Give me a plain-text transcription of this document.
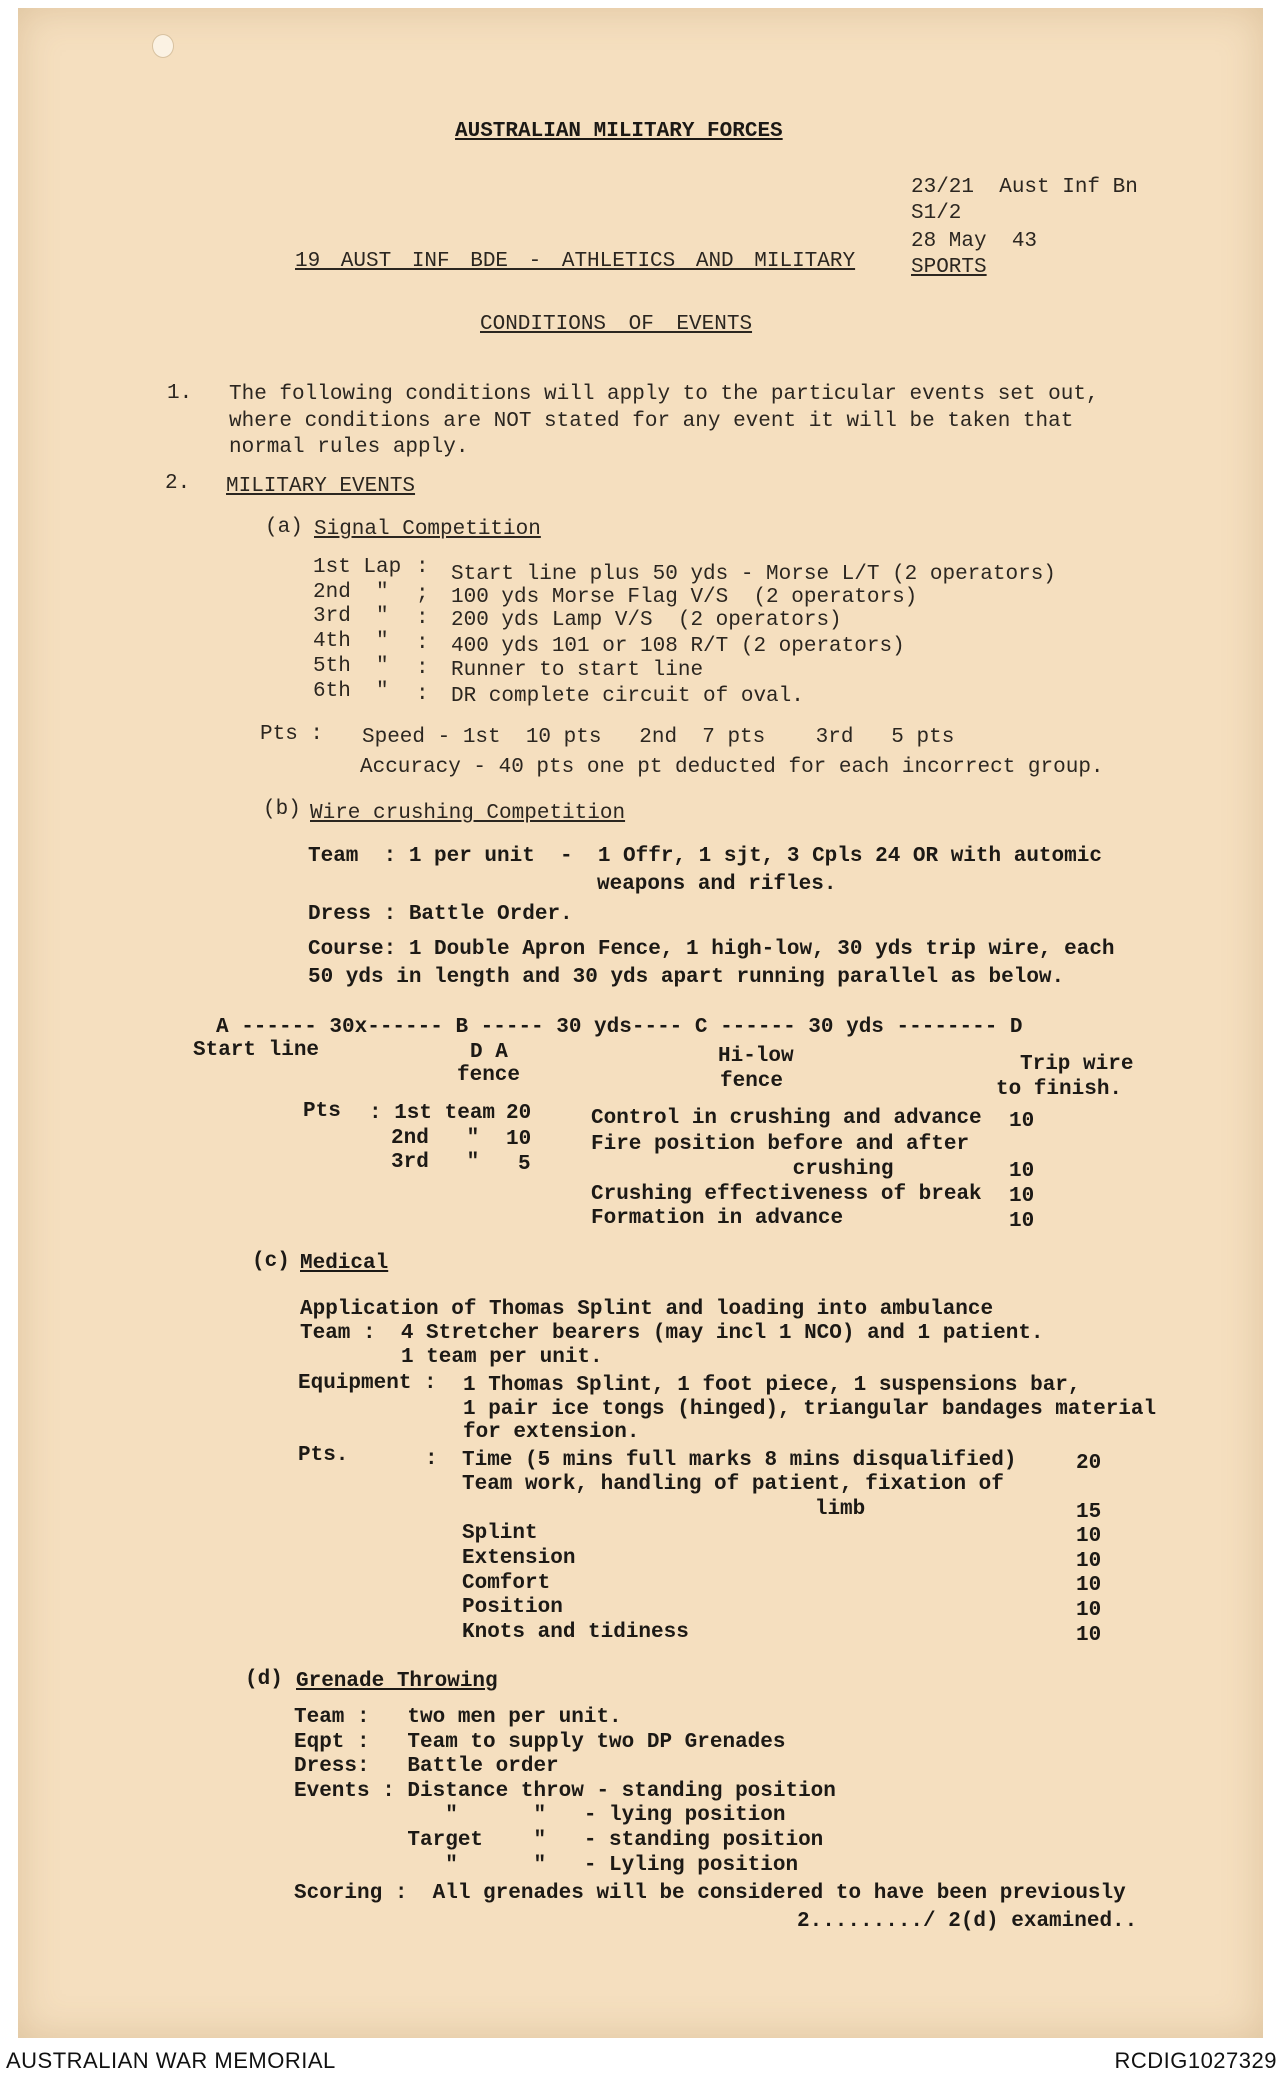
AUSTRALIAN MILITARY FORCES
23/21  Aust Inf Bn
S1/2
28 May  43
19 AUST INF BDE - ATHLETICS AND MILITARY	SPORTS
CONDITIONS OF EVENTS
1. The following conditions will apply to the particular events set out,
where conditions are NOT stated for any event it will be taken that
normal rules apply.
2. MILITARY EVENTS
(a) Signal Competition
1st Lap : Start line plus 50 yds - Morse L/T (2 operators)
2nd  " ; 100 yds Morse Flag V/S  (2 operators)
3rd  " : 200 yds Lamp V/S  (2 operators)
4th  " : 400 yds 101 or 108 R/T (2 operators)
5th  " : Runner to start line
6th  " : DR complete circuit of oval.
Pts : Speed - 1st  10 pts   2nd  7 pts    3rd   5 pts
Accuracy - 40 pts one pt deducted for each incorrect group.
(b) Wire crushing Competition
Team  : 1 per unit  -  1 Offr, 1 sjt, 3 Cpls 24 OR with automic
weapons and rifles.
Dress : Battle Order.
Course: 1 Double Apron Fence, 1 high-low, 30 yds trip wire, each
50 yds in length and 30 yds apart running parallel as below.
A ------ 30x------ B ----- 30 yds---- C ------ 30 yds -------- D
Start line	D A
fence
Hi-low
fence
Trip wire
to finish.
Pts : 1st team 20
2nd   " 10
3rd   " 5
Control in crushing and advance 10
Fire position before and after
crushing	10
Crushing effectiveness of break 10
Formation in advance	10
(c) Medical
Application of Thomas Splint and loading into ambulance
Team :  4 Stretcher bearers (may incl 1 NCO) and 1 patient.
1 team per unit.
Equipment : 1 Thomas Splint, 1 foot piece, 1 suspensions bar,
1 pair ice tongs (hinged), triangular bandages material
for extension.
Pts.	: Time (5 mins full marks 8 mins disqualified)	20
Team work, handling of patient, fixation of
limb	15
Splint	10
Extension	10
Comfort	10
Position	10
Knots and tidiness	10
(d) Grenade Throwing
Team :   two men per unit.
Eqpt :   Team to supply two DP Grenades
Dress:   Battle order
Events : Distance throw - standing position
"      "   - lying position
Target    "   - standing position
"      "   - Lyling position
Scoring :  All grenades will be considered to have been previously
2........./ 2(d) examined..
AUSTRALIAN WAR MEMORIAL	RCDIG1027329
